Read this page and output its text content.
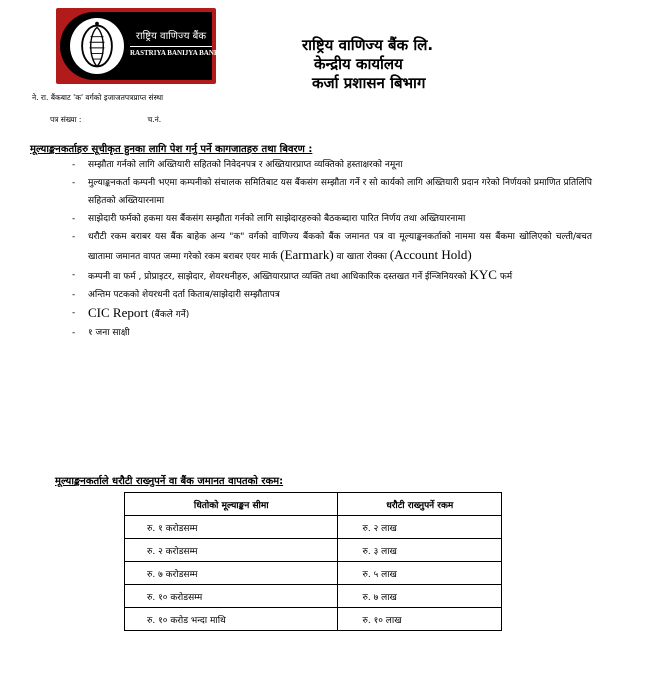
राष्ट्रिय वाणिज्य बैंक
RASTRIYA BANIJYA BANK	राष्ट्रिय वाणिज्य बैंक लि.
केन्द्रीय कार्यालय
कर्जा प्रशासन बिभाग
ने. रा. बैंकबाट 'क' वर्गको इजाजतपत्रप्राप्त संस्था
पत्र संख्या :	च.नं.
मूल्याङ्कनकर्ताहरु सूचीकृत हुनका लागि पेश गर्नु पर्ने कागजातहरु तथा बिवरण :
- सम्झौता गर्नको लागि अख्तियारी सहितको निवेदनपत्र र अख्तियारप्राप्त व्यक्तिको हस्ताक्षरको नमूना
- मुल्याङ्कनकर्ता कम्पनी भएमा कम्पनीको संचालक समितिबाट यस बैंकसंग सम्झौता गर्ने र सो कार्यको लागि अख्तियारी प्रदान गरेको निर्णयको प्रमाणित प्रतिलिपि सहितको अख्तियारनामा
- साझेदारी फर्मको हकमा यस बैंकसंग सम्झौता गर्नको लागि साझेदारहरुको बैठकब्दारा पारित निर्णय तथा अख्तियारनामा
- धरौटी रकम बराबर यस बैंक बाहेक अन्य "क" वर्गको वाणिज्य बैंकको बैंक जमानत पत्र वा मूल्याङ्कनकर्ताको नाममा यस बैंकमा खोलिएको चल्ती/बचत खातामा जमानत वापत जम्मा गरेको रकम बराबर एयर मार्क (Earmark) वा खाता रोक्का (Account Hold)
- कम्पनी वा फर्म , प्रोप्राइटर, साझेदार, शेयरधनीहरु, अख्तियारप्राप्त व्यक्ति तथा आधिकारिक दस्तखत गर्ने ईन्जिनियरको KYC फर्म
- अन्तिम पटकको शेयरधनी दर्ता किताब/साझेदारी सम्झौतापत्र
- CIC Report (बैंकले गर्ने)
- १ जना साक्षी
मूल्याङ्कनकर्ताले धरौटी राख्नुपर्ने वा बैंक जमानत वापतको रकम:
धितोको मूल्याङ्कन सीमा	धरौटी राख्नुपर्ने रकम
रु. १ करोडसम्म	रु. २ लाख
रु. २ करोडसम्म	रु. ३ लाख
रु. ७ करोडसम्म	रु. ५ लाख
रु. १० करोडसम्म	रु. ७ लाख
रु. १० करोड भन्दा माथि	रु. १० लाख
